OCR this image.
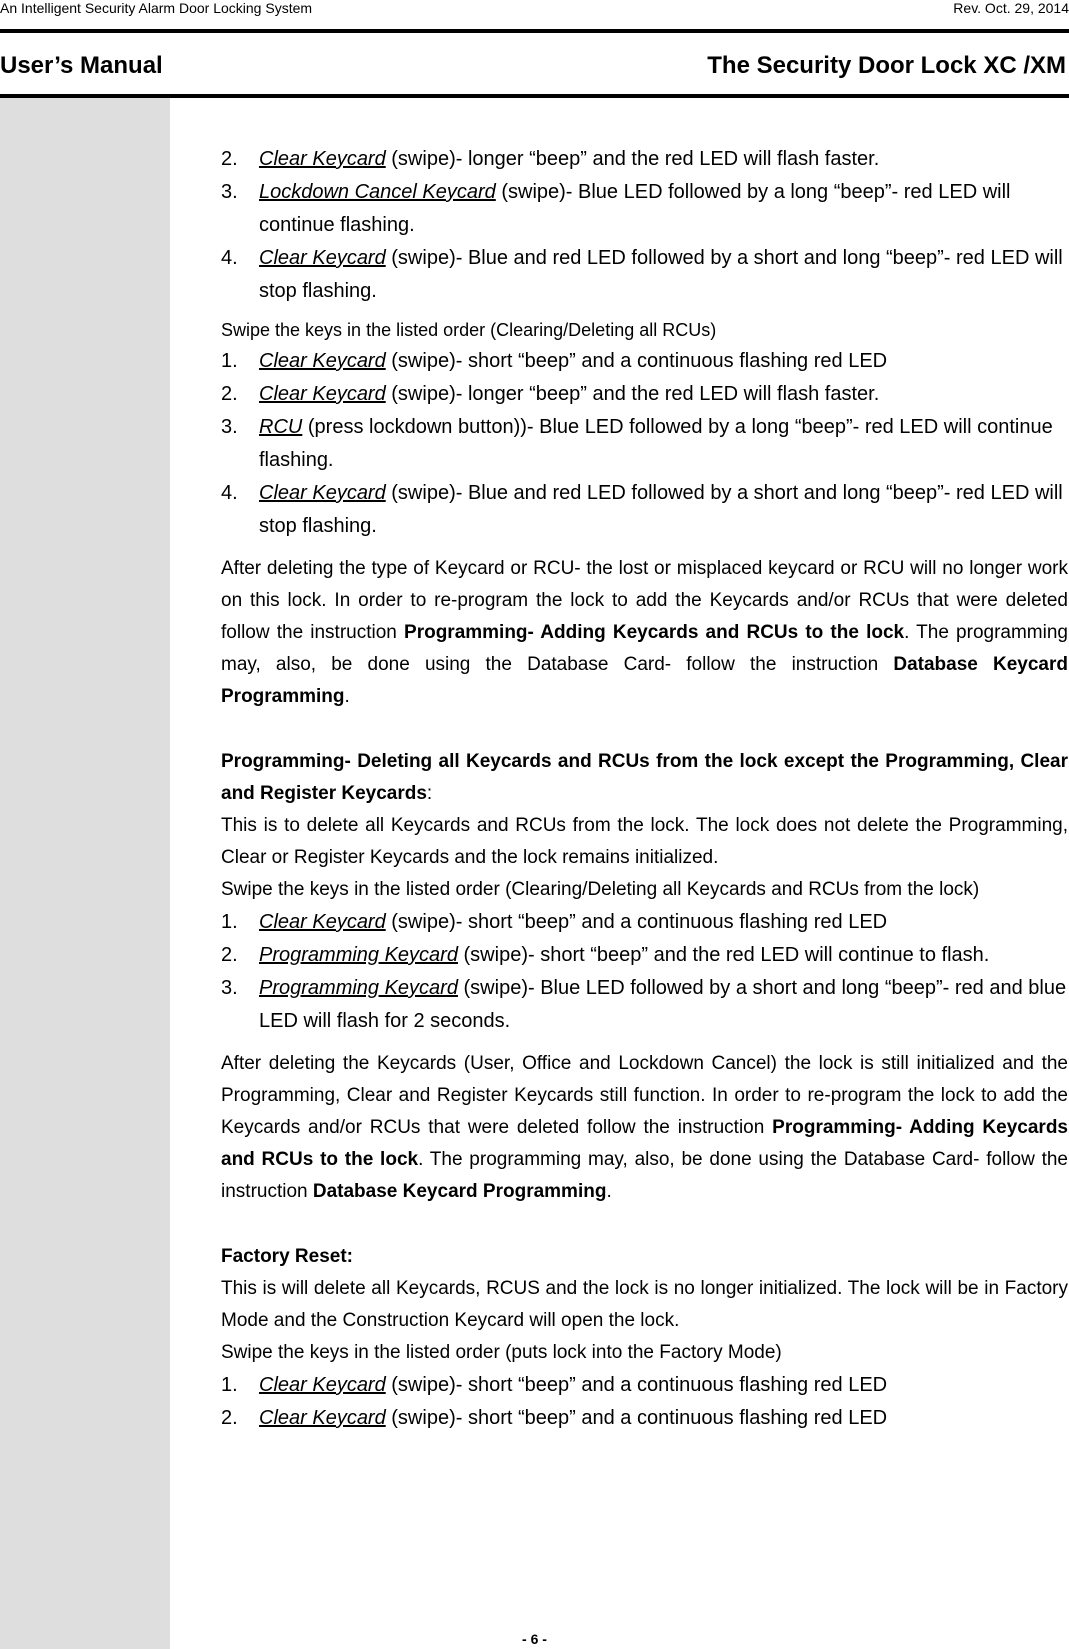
An Intelligent Security Alarm Door Locking System	Rev. Oct. 29, 2014
User’s Manual	The Security Door Lock XC /XM
2. Clear Keycard (swipe)- longer “beep” and the red LED will flash faster.
3. Lockdown Cancel Keycard (swipe)- Blue LED followed by a long “beep”- red LED will continue flashing.
4. Clear Keycard (swipe)- Blue and red LED followed by a short and long “beep”- red LED will stop flashing.
Swipe the keys in the listed order (Clearing/Deleting all RCUs)
1. Clear Keycard (swipe)- short “beep” and a continuous flashing red LED
2. Clear Keycard (swipe)- longer “beep” and the red LED will flash faster.
3. RCU (press lockdown button))- Blue LED followed by a long “beep”- red LED will continue flashing.
4. Clear Keycard (swipe)- Blue and red LED followed by a short and long “beep”- red LED will stop flashing.
After deleting the type of Keycard or RCU- the lost or misplaced keycard or RCU will no longer work on this lock. In order to re-program the lock to add the Keycards and/or RCUs that were deleted follow the instruction Programming- Adding Keycards and RCUs to the lock. The programming may, also, be done using the Database Card- follow the instruction Database Keycard Programming.
Programming- Deleting all Keycards and RCUs from the lock except the Programming, Clear and Register Keycards:
This is to delete all Keycards and RCUs from the lock. The lock does not delete the Programming, Clear or Register Keycards and the lock remains initialized.
Swipe the keys in the listed order (Clearing/Deleting all Keycards and RCUs from the lock)
1. Clear Keycard (swipe)- short “beep” and a continuous flashing red LED
2. Programming Keycard (swipe)- short “beep” and the red LED will continue to flash.
3. Programming Keycard (swipe)- Blue LED followed by a short and long “beep”- red and blue LED will flash for 2 seconds.
After deleting the Keycards (User, Office and Lockdown Cancel) the lock is still initialized and the Programming, Clear and Register Keycards still function. In order to re-program the lock to add the Keycards and/or RCUs that were deleted follow the instruction Programming- Adding Keycards and RCUs to the lock. The programming may, also, be done using the Database Card- follow the instruction Database Keycard Programming.
Factory Reset:
This is will delete all Keycards, RCUS and the lock is no longer initialized. The lock will be in Factory Mode and the Construction Keycard will open the lock.
Swipe the keys in the listed order (puts lock into the Factory Mode)
1. Clear Keycard (swipe)- short “beep” and a continuous flashing red LED
2. Clear Keycard (swipe)- short “beep” and a continuous flashing red LED
- 6 -
